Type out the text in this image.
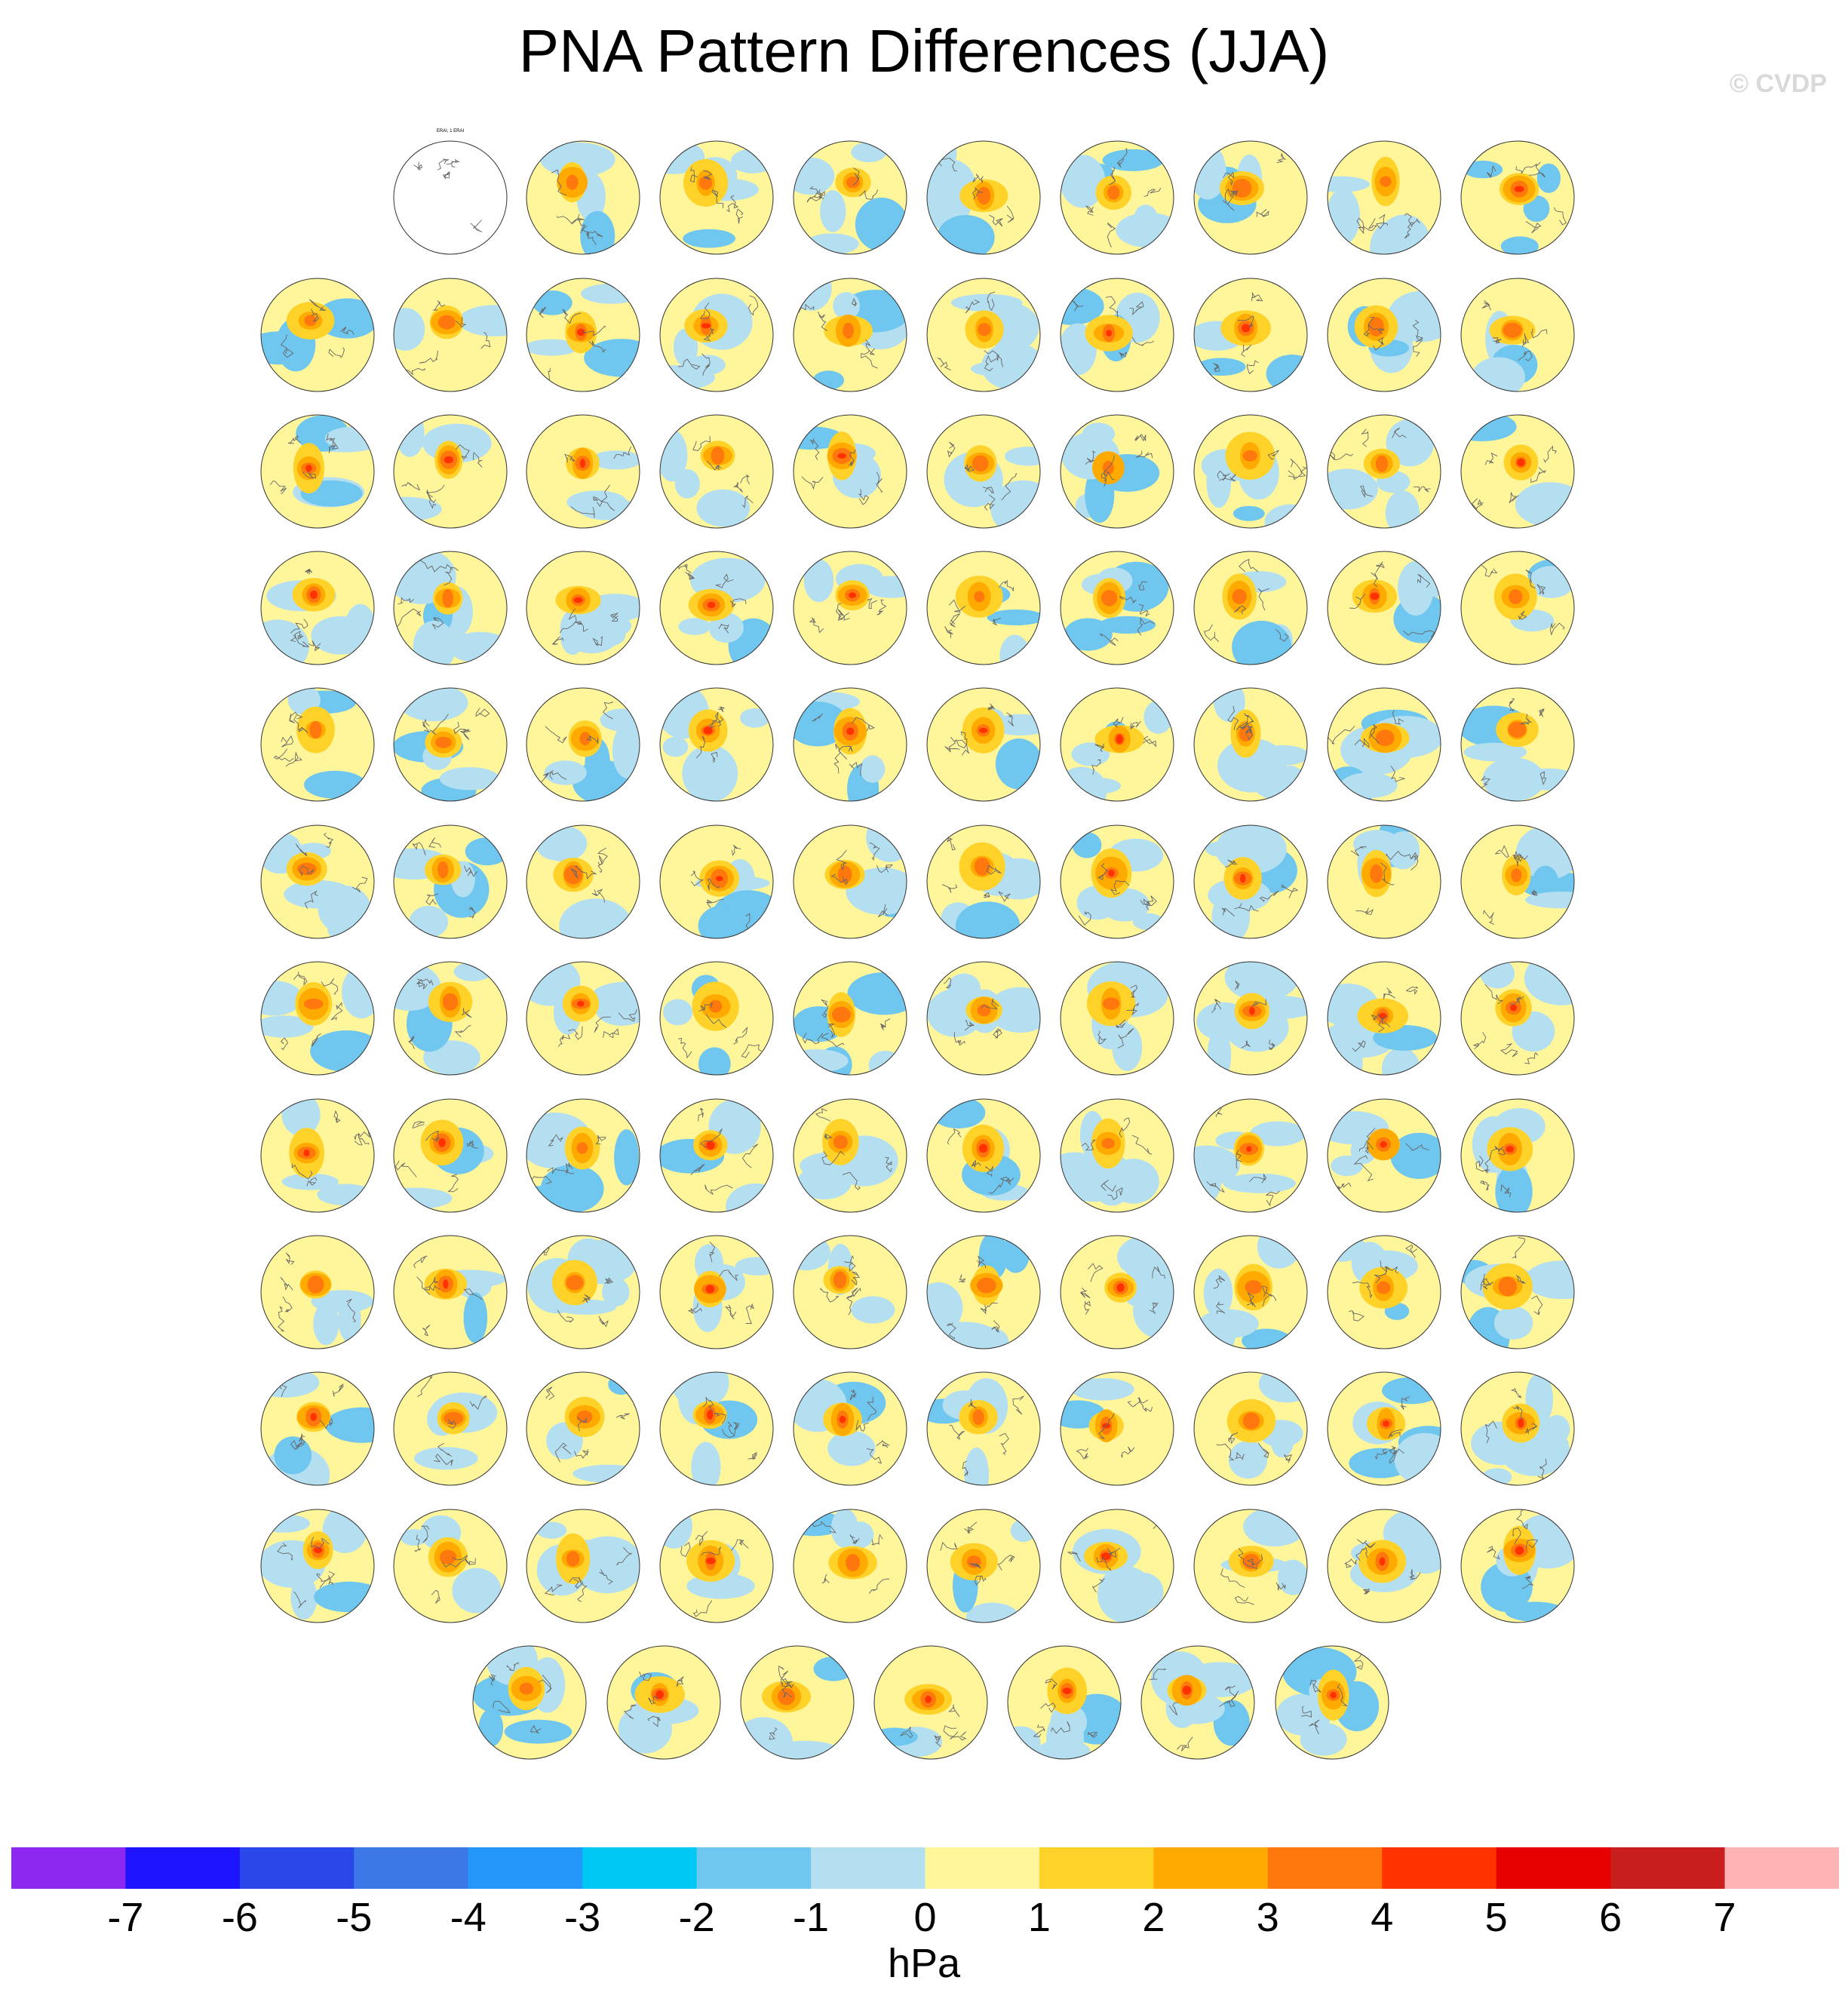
PNA Pattern Differences (JJA)	© CVDP
ERAI, 1 ERAI
-7 -6 -5 -4 -3 -2 -1	0	1	2	3	4	5	6	7
hPa
